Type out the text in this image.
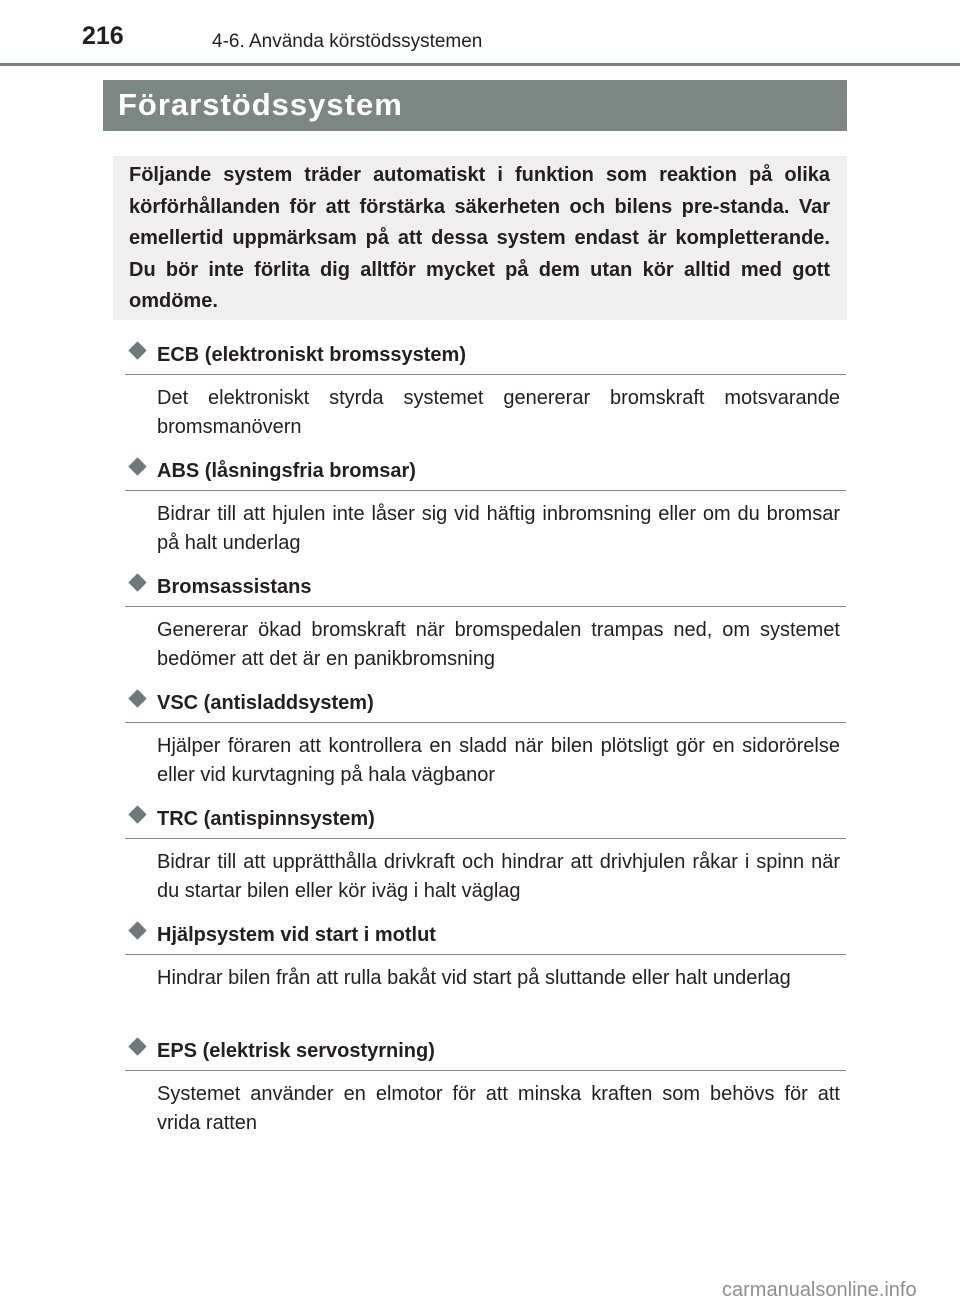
216	4-6. Använda körstödssystemen
Förarstödssystem

Följande system träder automatiskt i funktion som reaktion på olika körförhållanden för att förstärka säkerheten och bilens pre-standa. Var emellertid uppmärksam på att dessa system endast är kompletterande. Du bör inte förlita dig alltför mycket på dem utan kör alltid med gott omdöme.

ECB (elektroniskt bromssystem)

Det elektroniskt styrda systemet genererar bromskraft motsvarande bromsmanövern

ABS (låsningsfria bromsar)

Bidrar till att hjulen inte låser sig vid häftig inbromsning eller om du bromsar på halt underlag

Bromsassistans

Genererar ökad bromskraft när bromspedalen trampas ned, om systemet bedömer att det är en panikbromsning

VSC (antisladdsystem)

Hjälper föraren att kontrollera en sladd när bilen plötsligt gör en sidorörelse eller vid kurvtagning på hala vägbanor

TRC (antispinnsystem)

Bidrar till att upprätthålla drivkraft och hindrar att drivhjulen råkar i spinn när du startar bilen eller kör iväg i halt väglag

Hjälpsystem vid start i motlut

Hindrar bilen från att rulla bakåt vid start på sluttande eller halt underlag

EPS (elektrisk servostyrning)

Systemet använder en elmotor för att minska kraften som behövs för att vrida ratten

carmanualsonline.info
